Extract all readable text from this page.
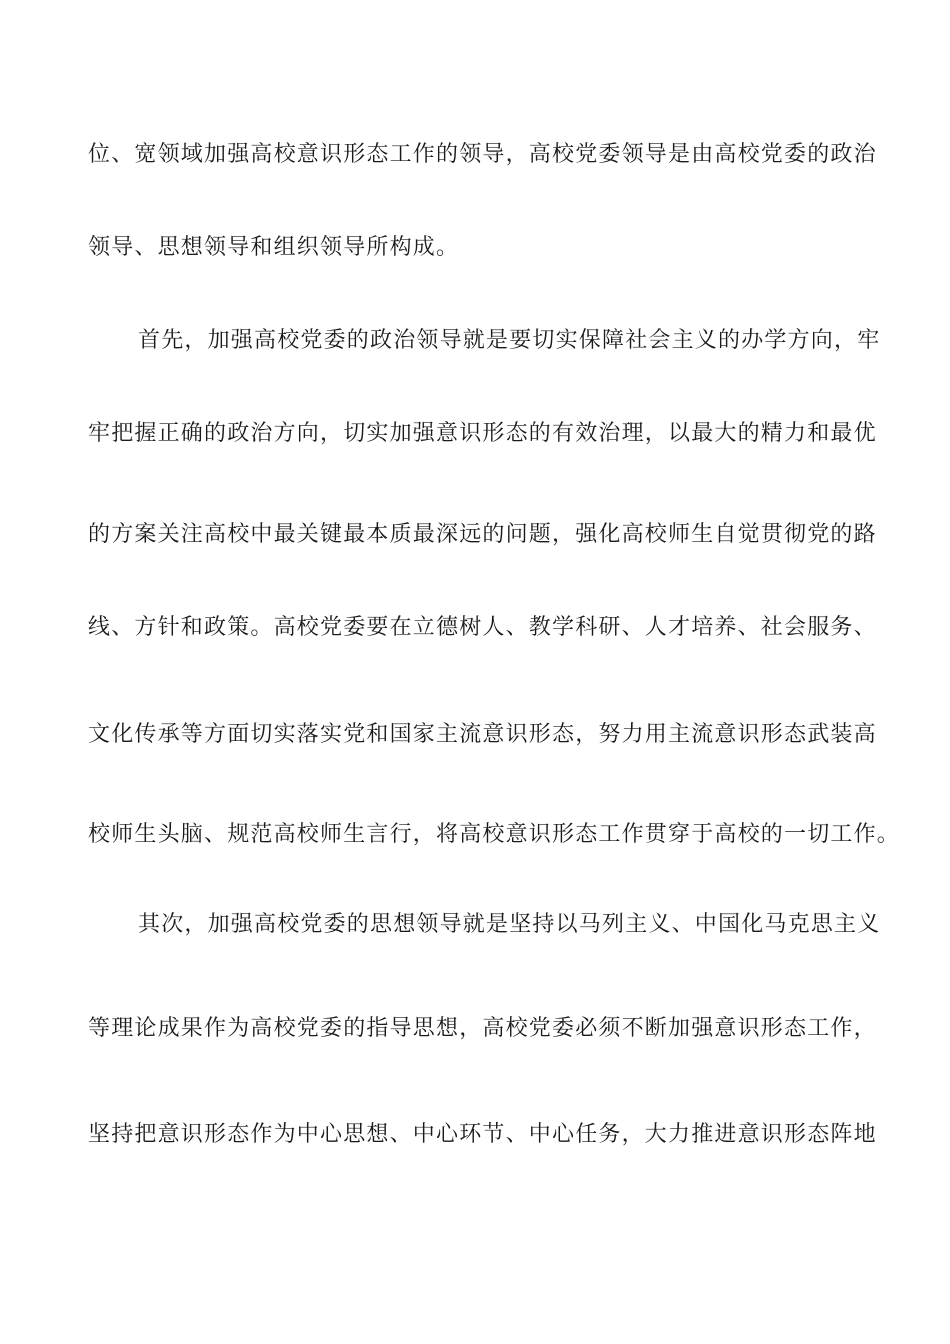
位、宽领域加强高校意识形态工作的领导，高校党委领导是由高校党委的政治
领导、思想领导和组织领导所构成。
首先，加强高校党委的政治领导就是要切实保障社会主义的办学方向，牢
牢把握正确的政治方向，切实加强意识形态的有效治理，以最大的精力和最优
的方案关注高校中最关键最本质最深远的问题，强化高校师生自觉贯彻党的路
线、方针和政策。高校党委要在立德树人、教学科研、人才培养、社会服务、
文化传承等方面切实落实党和国家主流意识形态，努力用主流意识形态武装高
校师生头脑、规范高校师生言行，将高校意识形态工作贯穿于高校的一切工作。
其次，加强高校党委的思想领导就是坚持以马列主义、中国化马克思主义
等理论成果作为高校党委的指导思想，高校党委必须不断加强意识形态工作，
坚持把意识形态作为中心思想、中心环节、中心任务，大力推进意识形态阵地
